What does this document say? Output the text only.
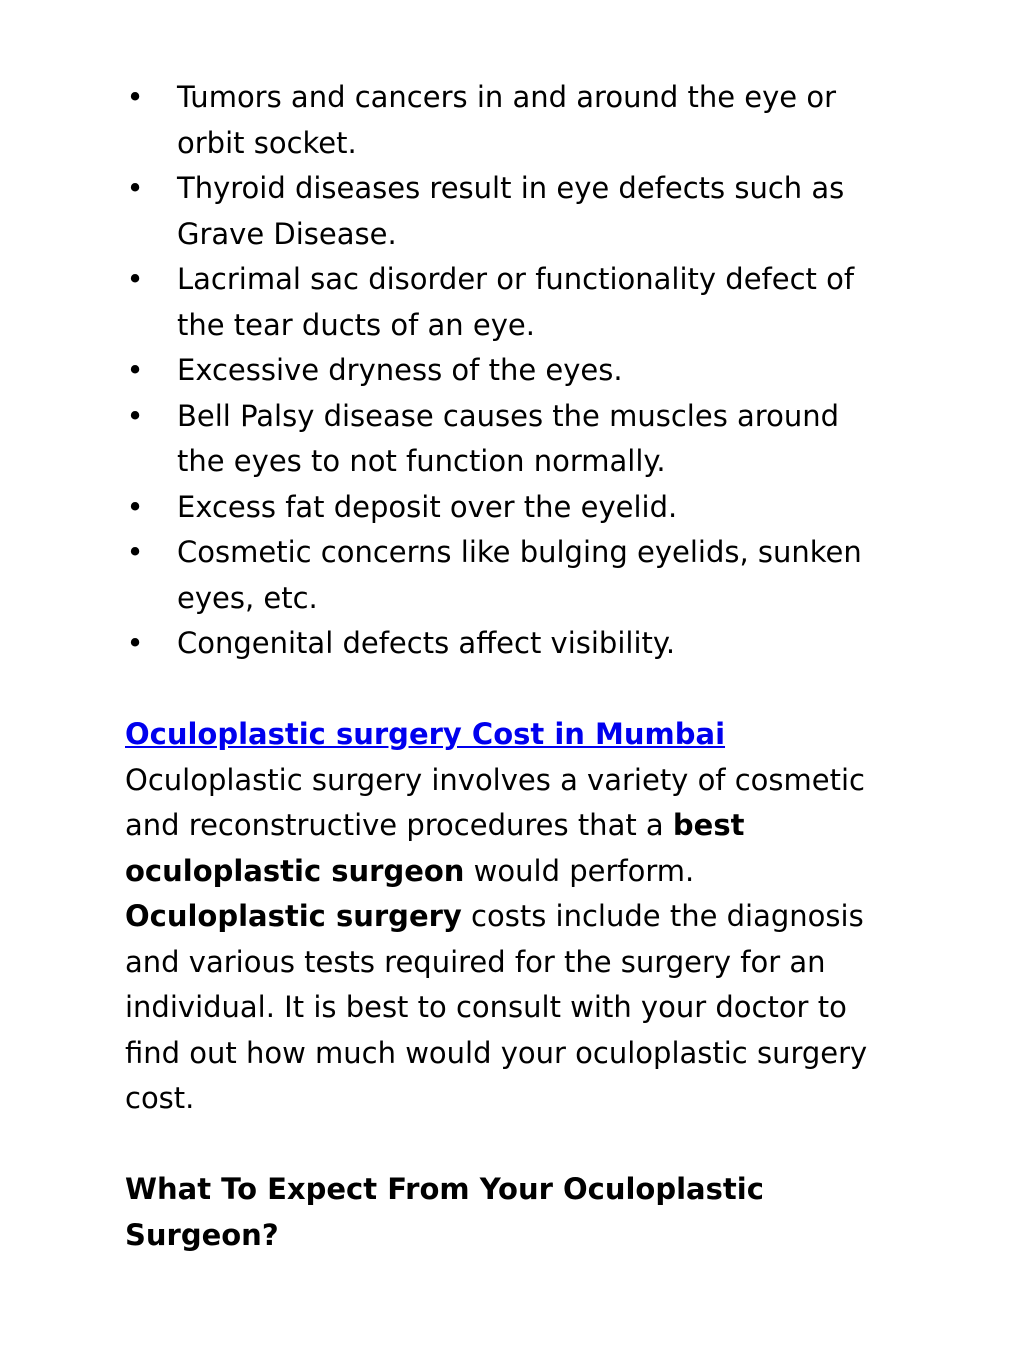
• Tumors and cancers in and around the eye or orbit socket.
• Thyroid diseases result in eye defects such as Grave Disease.
• Lacrimal sac disorder or functionality defect of the tear ducts of an eye.
• Excessive dryness of the eyes.
• Bell Palsy disease causes the muscles around the eyes to not function normally.
• Excess fat deposit over the eyelid.
• Cosmetic concerns like bulging eyelids, sunken eyes, etc.
• Congenital defects affect visibility.
Oculoplastic surgery Cost in Mumbai

Oculoplastic surgery involves a variety of cosmetic and reconstructive procedures that a best oculoplastic surgeon would perform. Oculoplastic surgery costs include the diagnosis and various tests required for the surgery for an individual. It is best to consult with your doctor to find out how much would your oculoplastic surgery cost.

What To Expect From Your Oculoplastic Surgeon?
